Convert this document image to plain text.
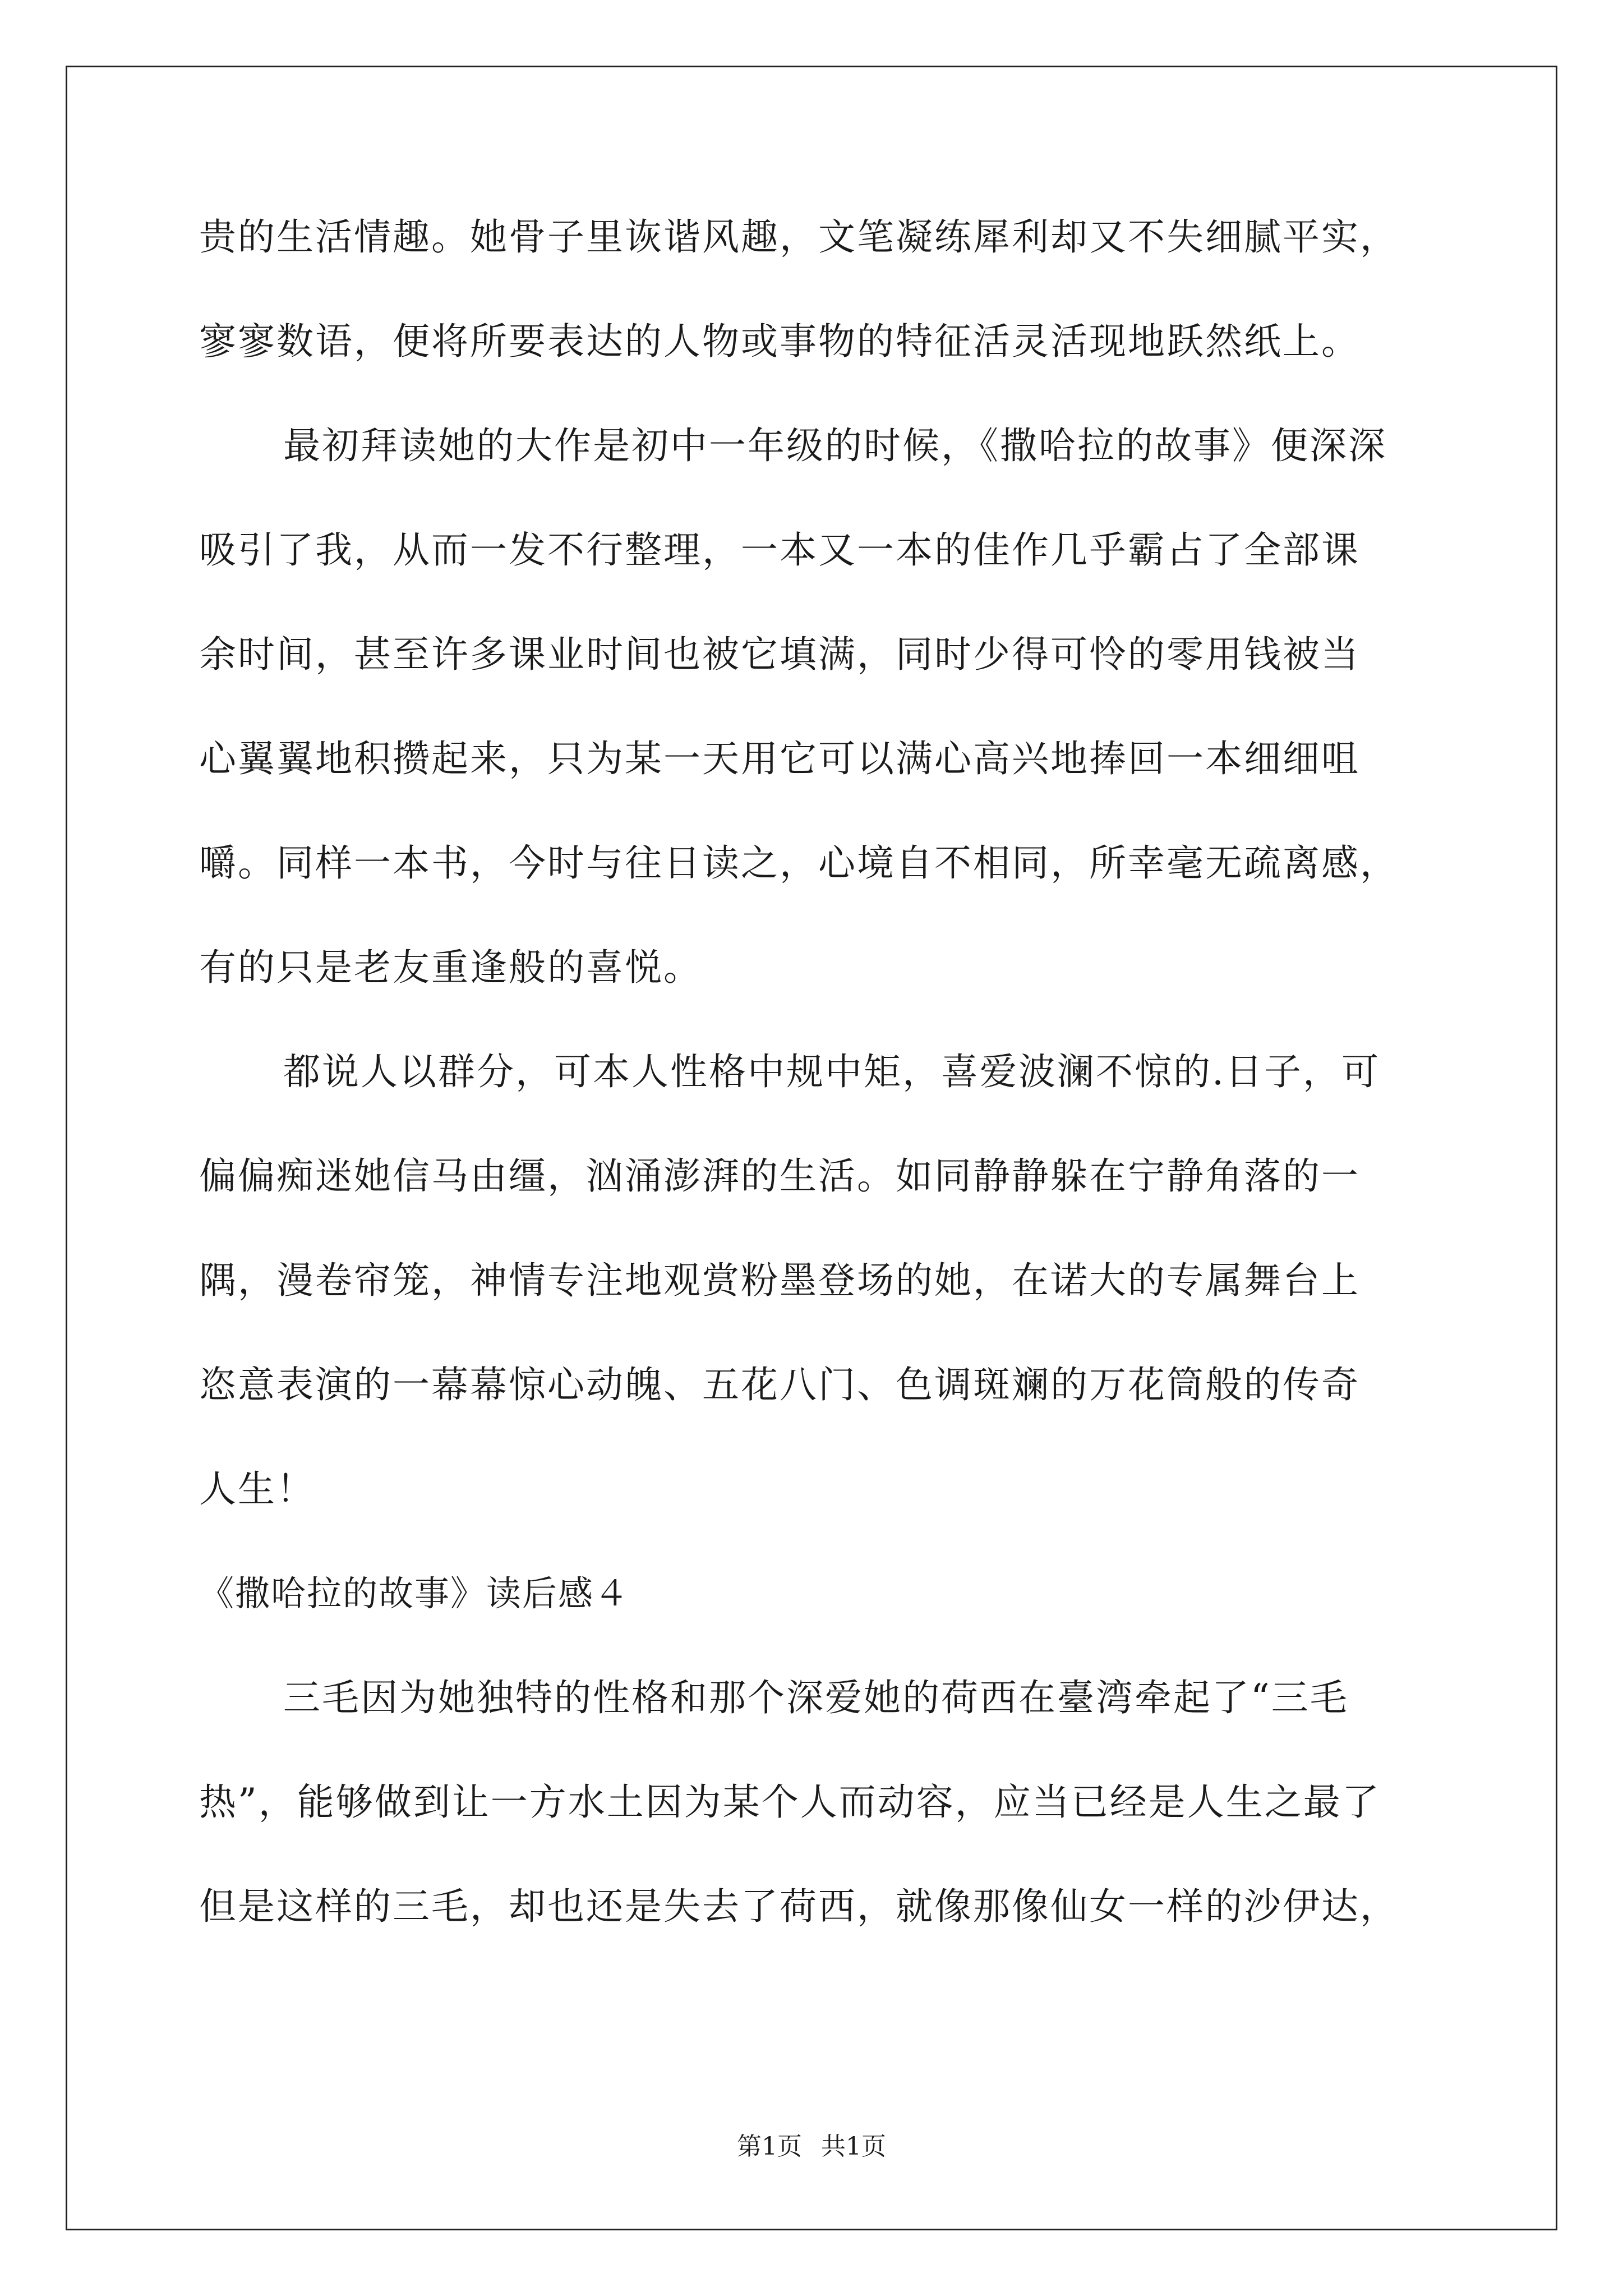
贵的生活情趣。她骨子里诙谐风趣，文笔凝练犀利却又不失细腻平实，
寥寥数语，便将所要表达的人物或事物的特征活灵活现地跃然纸上。
最初拜读她的大作是初中一年级的时候，《撒哈拉的故事》便深深
吸引了我，从而一发不行整理，一本又一本的佳作几乎霸占了全部课
余时间，甚至许多课业时间也被它填满，同时少得可怜的零用钱被当
心翼翼地积攒起来，只为某一天用它可以满心高兴地捧回一本细细咀
嚼。同样一本书，今时与往日读之，心境自不相同，所幸毫无疏离感，
有的只是老友重逢般的喜悦。
都说人以群分，可本人性格中规中矩，喜爱波澜不惊的.日子，可
偏偏痴迷她信马由缰，汹涌澎湃的生活。如同静静躲在宁静角落的一
隅，漫卷帘笼，神情专注地观赏粉墨登场的她，在诺大的专属舞台上
恣意表演的一幕幕惊心动魄、五花八门、色调斑斓的万花筒般的传奇
人生！
《撒哈拉的故事》读后感４
三毛因为她独特的性格和那个深爱她的荷西在臺湾牵起了“三毛
热”，能够做到让一方水土因为某个人而动容，应当已经是人生之最了
但是这样的三毛，却也还是失去了荷西，就像那像仙女一样的沙伊达，
第1页 共1页
